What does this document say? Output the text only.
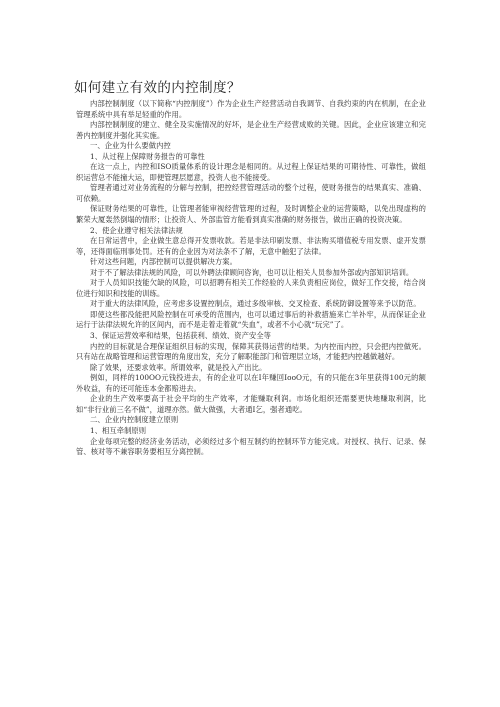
如何建立有效的内控制度？

内部控制制度（以下简称“内控制度”）作为企业生产经营活动自我调节、自我约束的内在机制，在企业管理系统中具有举足轻重的作用。

内部控制制度的建立、健全及实施情况的好坏，是企业生产经营成败的关键。因此，企业应该建立和完善内控制度并强化其实施。

一、企业为什么要做内控

1、从过程上保障财务报告的可靠性

在这一点上，内控和ISO质量体系的设计理念是相同的。从过程上保证结果的可期待性、可靠性，做组织运营总不能撞大运，即便管理层愿意，投资人也不能接受。

管理者通过对业务流程的分解与控制，把控经营管理活动的整个过程，使财务报告的结果真实、准确、可依赖。

保证财务结果的可靠性，让管理者能审视经营管理的过程，及时调整企业的运营策略，以免出现虚构的繁荣大厦轰然倒塌的情形；让投资人、外部监管方能看到真实准确的财务报告，做出正确的投资决策。

2、使企业遵守相关法律法规

在日常运营中，企业做生意总得开发票收款。若是非法印刷发票、非法购买增值税专用发票、虚开发票等，还得面临刑事处罚。还有的企业因为对法条不了解，无意中触犯了法律。

针对这些问题，内部控制可以提供解决方案。

对于不了解法律法规的风险，可以外聘法律顾问咨询，也可以让相关人员参加外部或内部知识培训。

对于人员知识技能欠缺的风险，可以招聘有相关工作经验的人来负责相应岗位，做好工作交接，结合岗位进行知识和技能的训练。

对于重大的法律风险，应考虑多设置控制点，通过多级审核、交叉检查、系统防御设置等来予以防范。

即使这些都没能把风险控制在可承受的范围内，也可以通过事后的补救措施来亡羊补牢，从而保证企业运行于法律法规允许的区间内，而不是走着走着就“失血”，或者不小心就“玩完”了。

3、保证运营效率和结果，包括获利、绩效、资产安全等

内控的目标就是合理保证组织目标的实现，保障其获得运营的结果。为内控而内控，只会把内控做死。只有站在战略管理和运营管理的角度出发，充分了解职能部门和管理层立场，才能把内控越做越好。

除了效果，还要求效率。所谓效率，就是投入产出比。

例如，同样的100OO元钱投进去，有的企业可以在Ⅰ年赚回IooO元，有的只能在3年里获得100元的额外收益，有的还可能连本金都赔进去。

企业的生产效率要高于社会平均的生产效率，才能赚取利润。市场化组织还需要更快地赚取利润，比如“非行业前三名不做”，道理亦然。做大做强，大者通Ⅰ乞，强者通吃。

二、企业内控制度建立原则

1、相互牵制原则

企业每项完整的经济业务活动，必须经过多个相互制约的控制环节方能完成。对授权、执行、记录、保管、核对等不兼容职务要相互分离控制。
